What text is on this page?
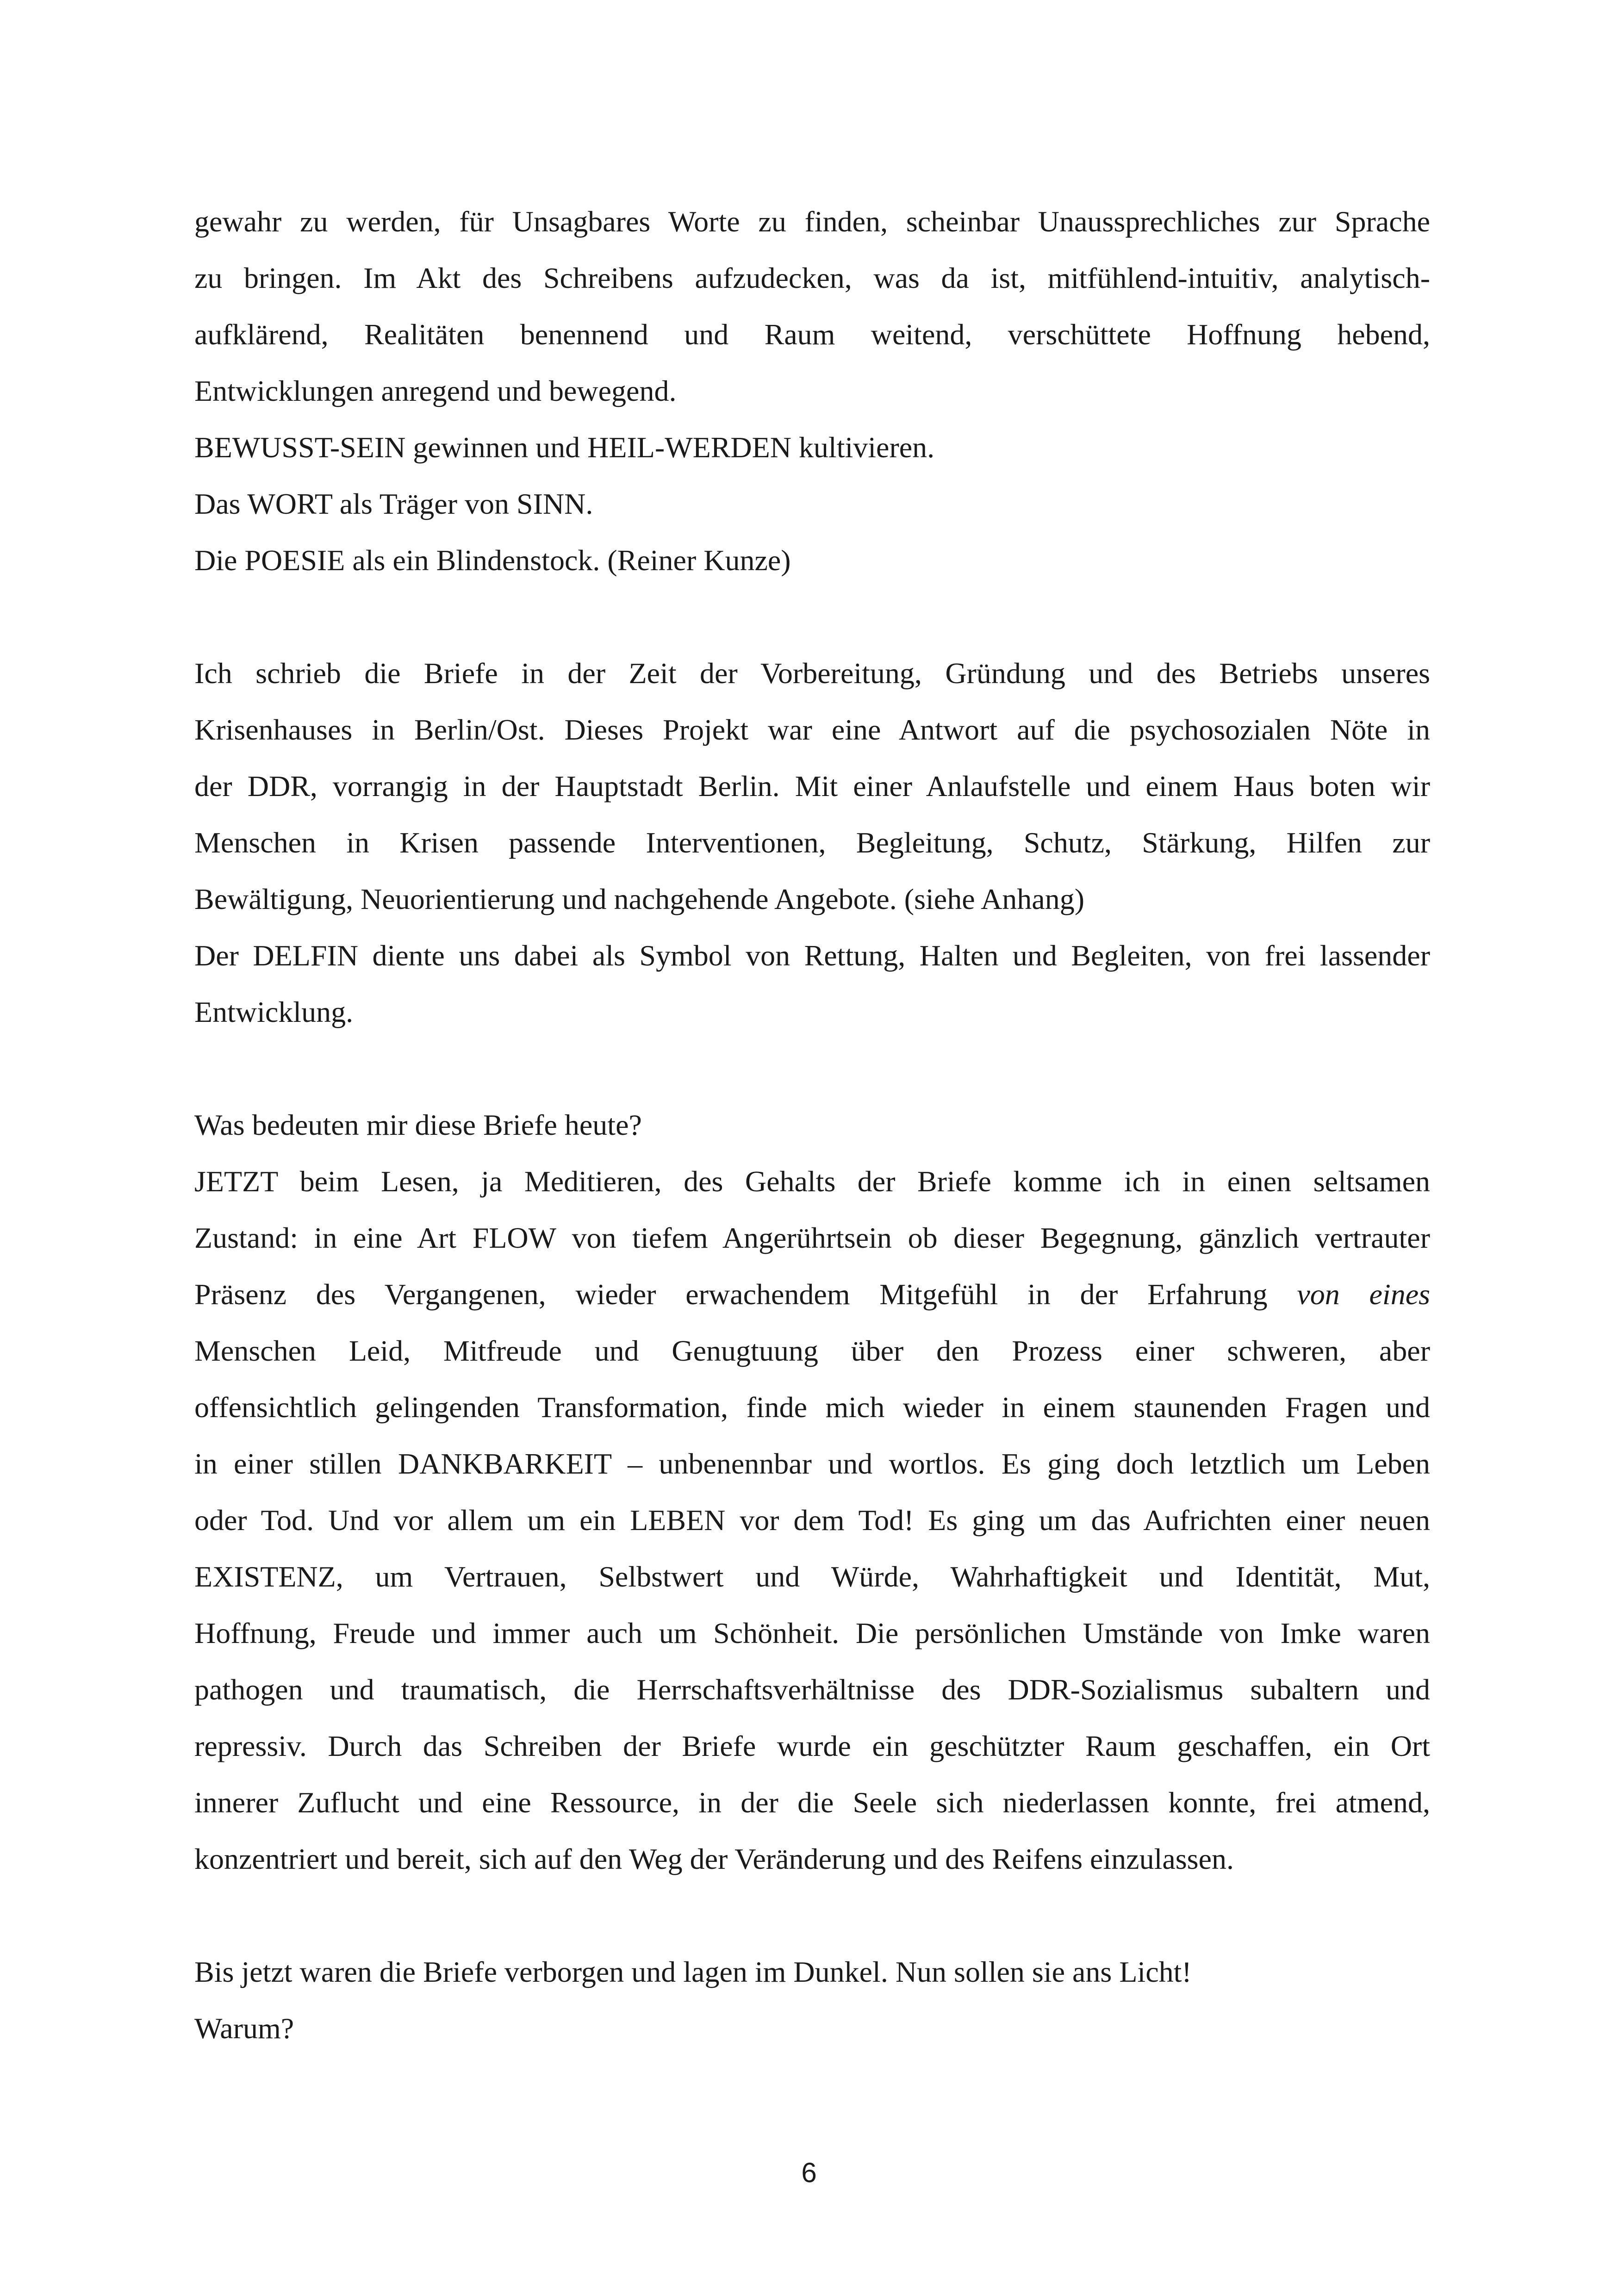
gewahr zu werden, für Unsagbares Worte zu finden, scheinbar Unaussprechliches zur Sprache
zu bringen. Im Akt des Schreibens aufzudecken, was da ist, mitfühlend-intuitiv, analytisch-
aufklärend, Realitäten benennend und Raum weitend, verschüttete Hoffnung hebend,
Entwicklungen anregend und bewegend.
BEWUSST-SEIN gewinnen und HEIL-WERDEN kultivieren.
Das WORT als Träger von SINN.
Die POESIE als ein Blindenstock. (Reiner Kunze)
Ich schrieb die Briefe in der Zeit der Vorbereitung, Gründung und des Betriebs unseres
Krisenhauses in Berlin/Ost. Dieses Projekt war eine Antwort auf die psychosozialen Nöte in
der DDR, vorrangig in der Hauptstadt Berlin. Mit einer Anlaufstelle und einem Haus boten wir
Menschen in Krisen passende Interventionen, Begleitung, Schutz, Stärkung, Hilfen zur
Bewältigung, Neuorientierung und nachgehende Angebote. (siehe Anhang)
Der DELFIN diente uns dabei als Symbol von Rettung, Halten und Begleiten, von frei lassender
Entwicklung.
Was bedeuten mir diese Briefe heute?
JETZT beim Lesen, ja Meditieren, des Gehalts der Briefe komme ich in einen seltsamen
Zustand: in eine Art FLOW von tiefem Angerührtsein ob dieser Begegnung, gänzlich vertrauter
Präsenz des Vergangenen, wieder erwachendem Mitgefühl in der Erfahrung von eines
Menschen Leid, Mitfreude und Genugtuung über den Prozess einer schweren, aber
offensichtlich gelingenden Transformation, finde mich wieder in einem staunenden Fragen und
in einer stillen DANKBARKEIT – unbenennbar und wortlos. Es ging doch letztlich um Leben
oder Tod. Und vor allem um ein LEBEN vor dem Tod! Es ging um das Aufrichten einer neuen
EXISTENZ, um Vertrauen, Selbstwert und Würde, Wahrhaftigkeit und Identität, Mut,
Hoffnung, Freude und immer auch um Schönheit. Die persönlichen Umstände von Imke waren
pathogen und traumatisch, die Herrschaftsverhältnisse des DDR-Sozialismus subaltern und
repressiv. Durch das Schreiben der Briefe wurde ein geschützter Raum geschaffen, ein Ort
innerer Zuflucht und eine Ressource, in der die Seele sich niederlassen konnte, frei atmend,
konzentriert und bereit, sich auf den Weg der Veränderung und des Reifens einzulassen.
Bis jetzt waren die Briefe verborgen und lagen im Dunkel. Nun sollen sie ans Licht!
Warum?
6
